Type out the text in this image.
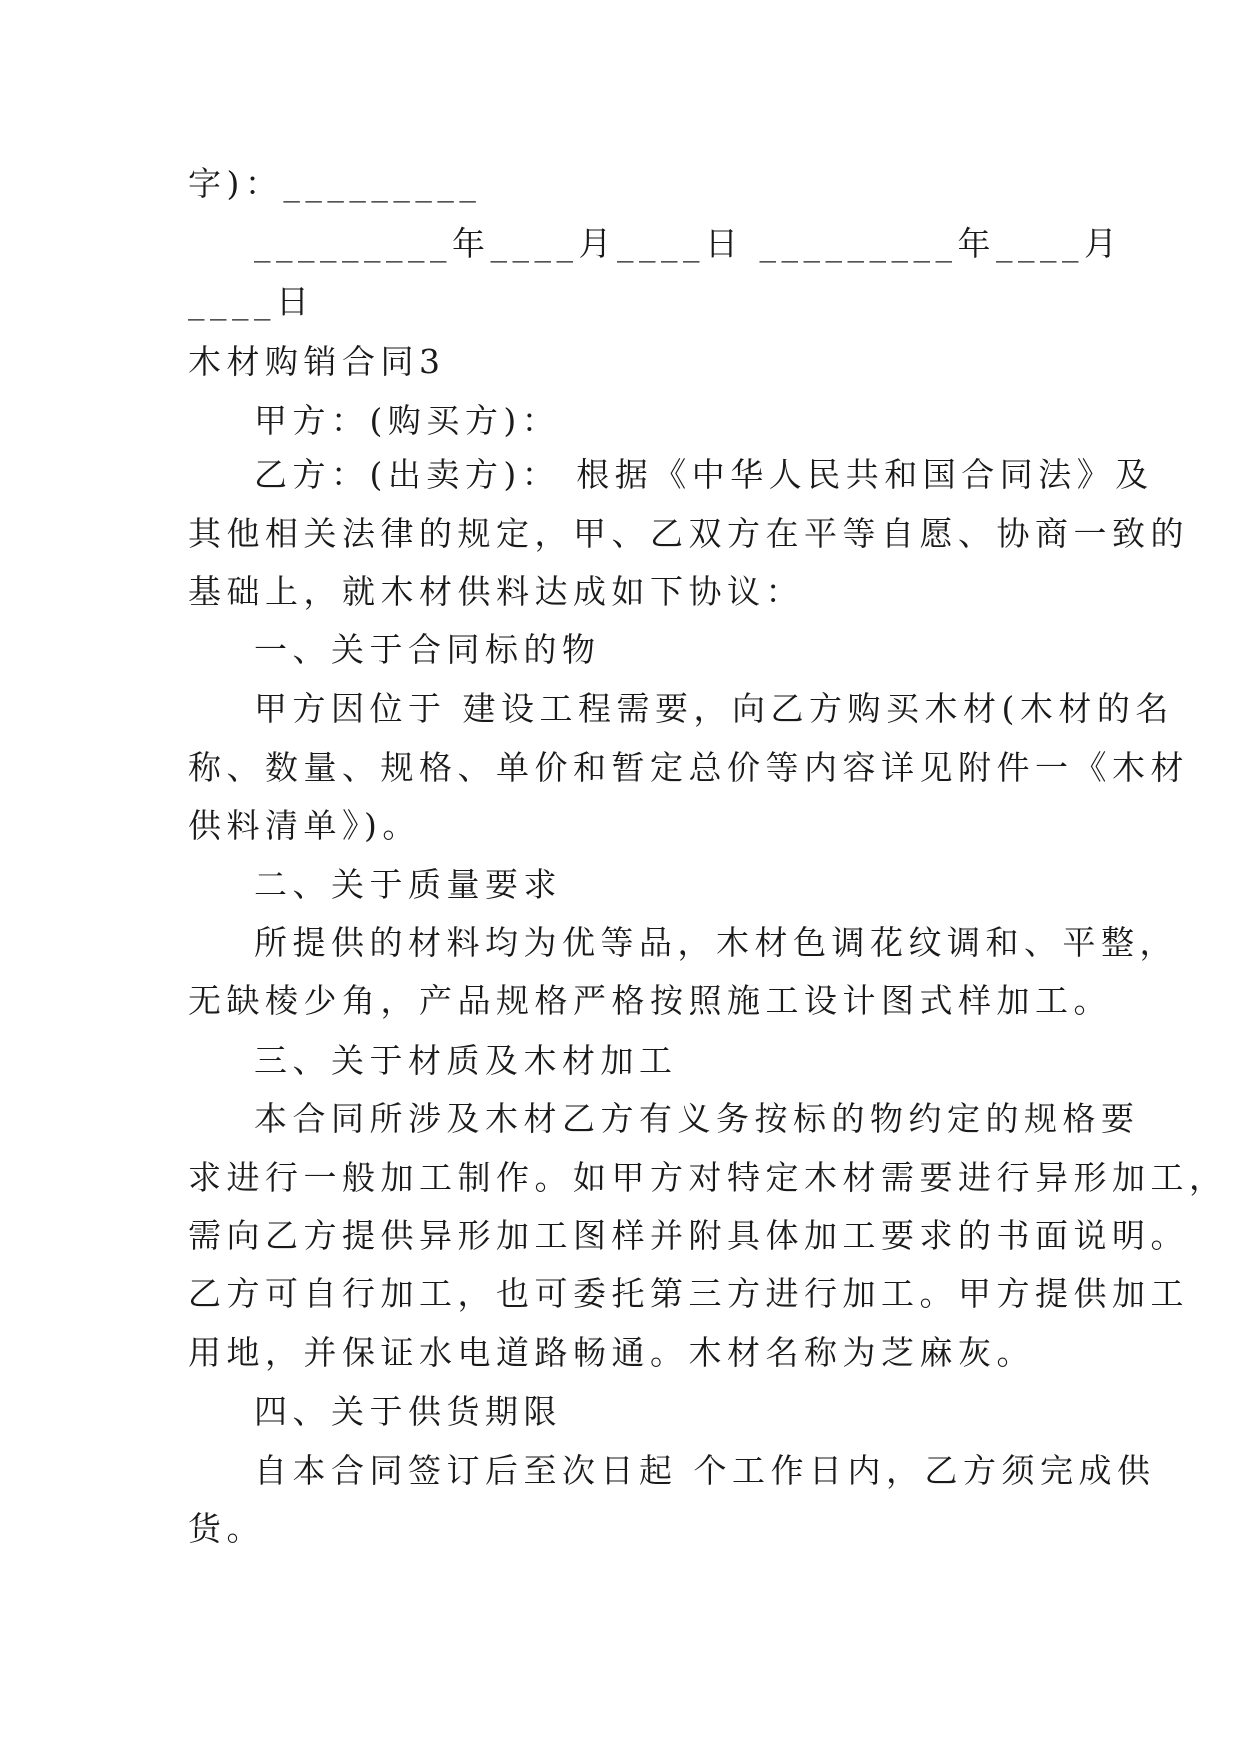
字)：_________
_________年____月____日 _________年____月
____日
木材购销合同3
甲方：(购买方)：
乙方：(出卖方)： 根据《中华人民共和国合同法》及
其他相关法律的规定，甲、乙双方在平等自愿、协商一致的
基础上，就木材供料达成如下协议：
一、关于合同标的物
甲方因位于 建设工程需要，向乙方购买木材(木材的名
称、数量、规格、单价和暂定总价等内容详见附件一《木材
供料清单》)。
二、关于质量要求
所提供的材料均为优等品，木材色调花纹调和、平整，
无缺棱少角，产品规格严格按照施工设计图式样加工。
三、关于材质及木材加工
本合同所涉及木材乙方有义务按标的物约定的规格要
求进行一般加工制作。如甲方对特定木材需要进行异形加工，
需向乙方提供异形加工图样并附具体加工要求的书面说明。
乙方可自行加工，也可委托第三方进行加工。甲方提供加工
用地，并保证水电道路畅通。木材名称为芝麻灰。
四、关于供货期限
自本合同签订后至次日起 个工作日内，乙方须完成供
货。
